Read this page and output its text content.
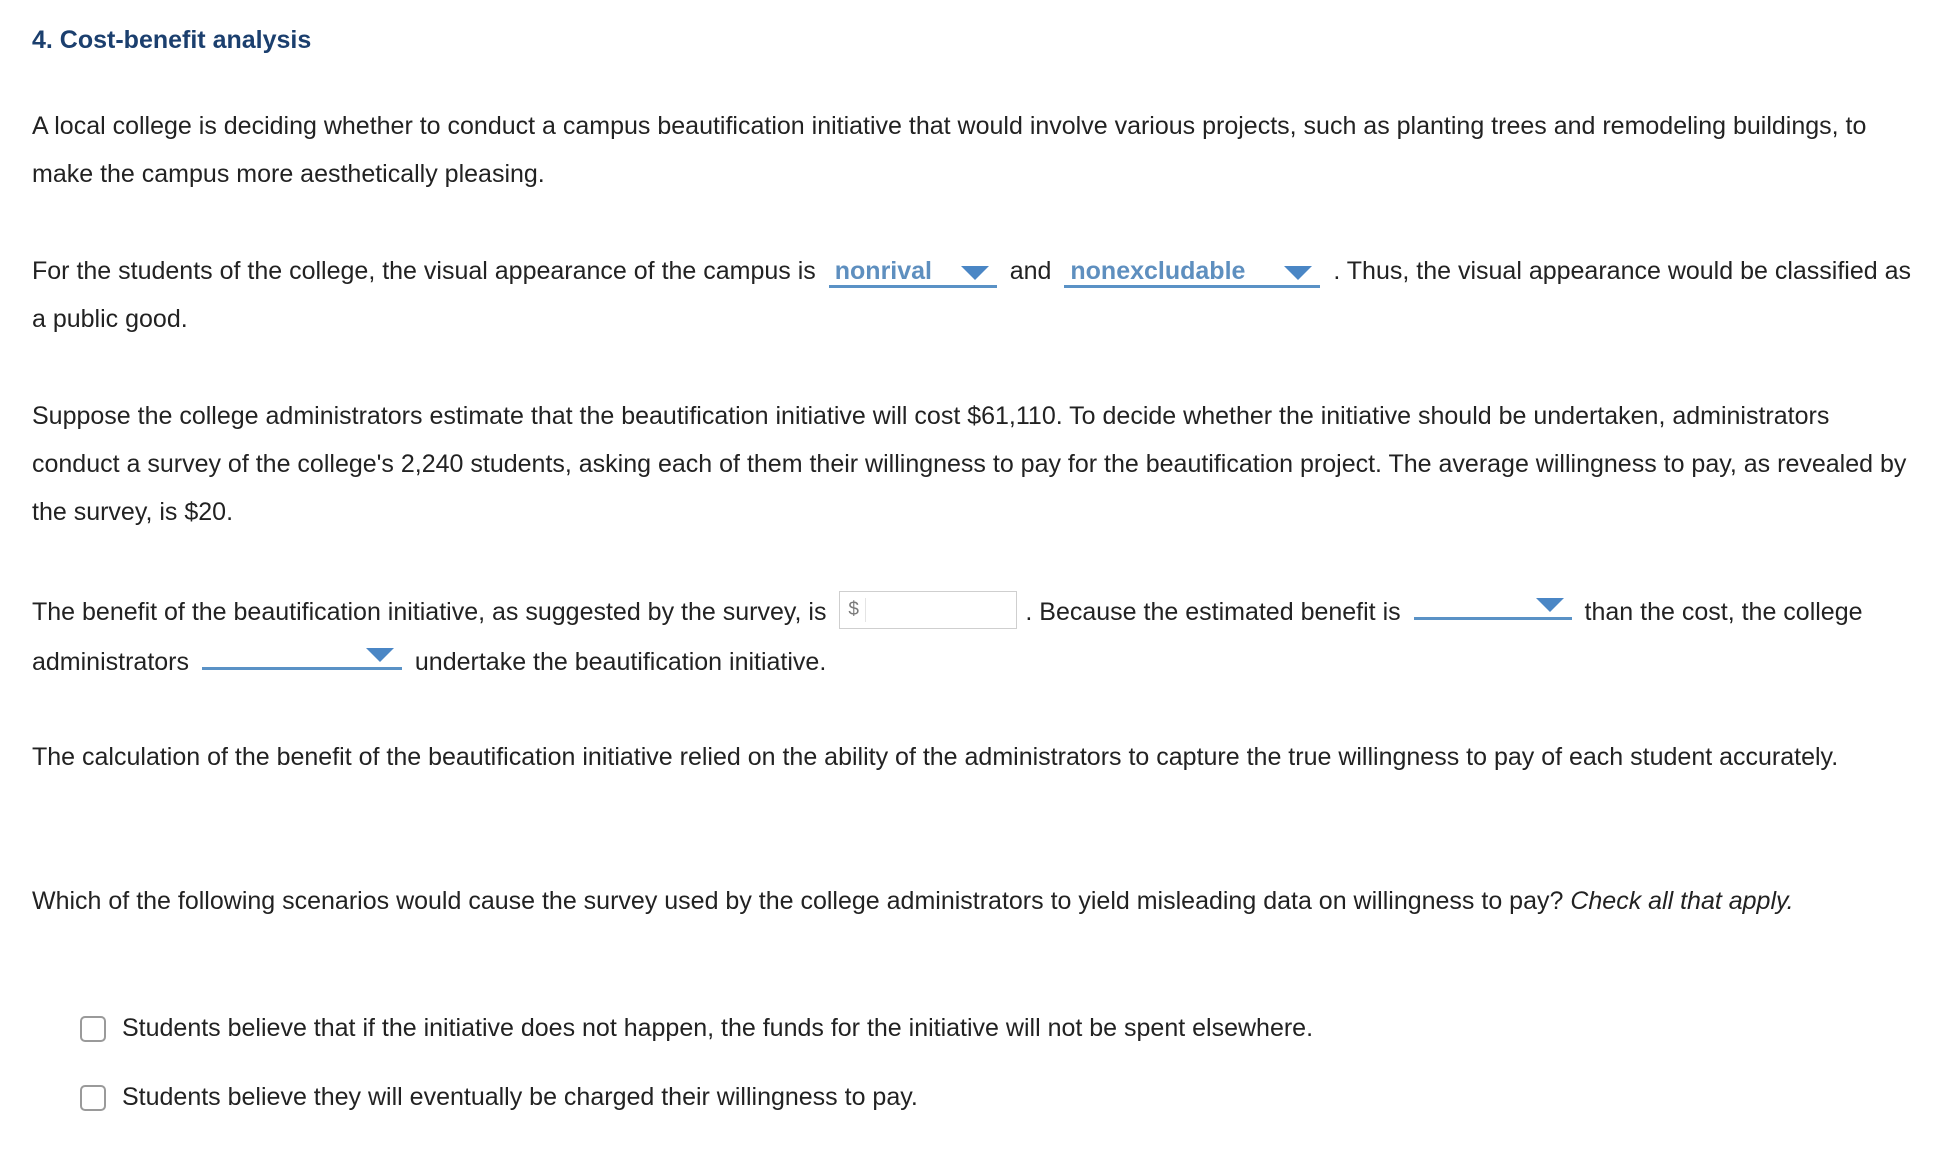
4. Cost-benefit analysis

A local college is deciding whether to conduct a campus beautification initiative that would involve various projects, such as planting trees and remodeling buildings, to make the campus more aesthetically pleasing.

For the students of the college, the visual appearance of the campus is nonrival	and nonexcludable	. Thus, the visual appearance would be classified as a public good.

Suppose the college administrators estimate that the beautification initiative will cost $61,110. To decide whether the initiative should be undertaken, administrators conduct a survey of the college's 2,240 students, asking each of them their willingness to pay for the beautification project. The average willingness to pay, as revealed by the survey, is $20.

The benefit of the beautification initiative, as suggested by the survey, is $	. Because the estimated benefit is	than the cost, the college administrators	undertake the beautification initiative.

The calculation of the benefit of the beautification initiative relied on the ability of the administrators to capture the true willingness to pay of each student accurately.

Which of the following scenarios would cause the survey used by the college administrators to yield misleading data on willingness to pay? Check all that apply.

Students believe that if the initiative does not happen, the funds for the initiative will not be spent elsewhere.
Students believe they will eventually be charged their willingness to pay.
